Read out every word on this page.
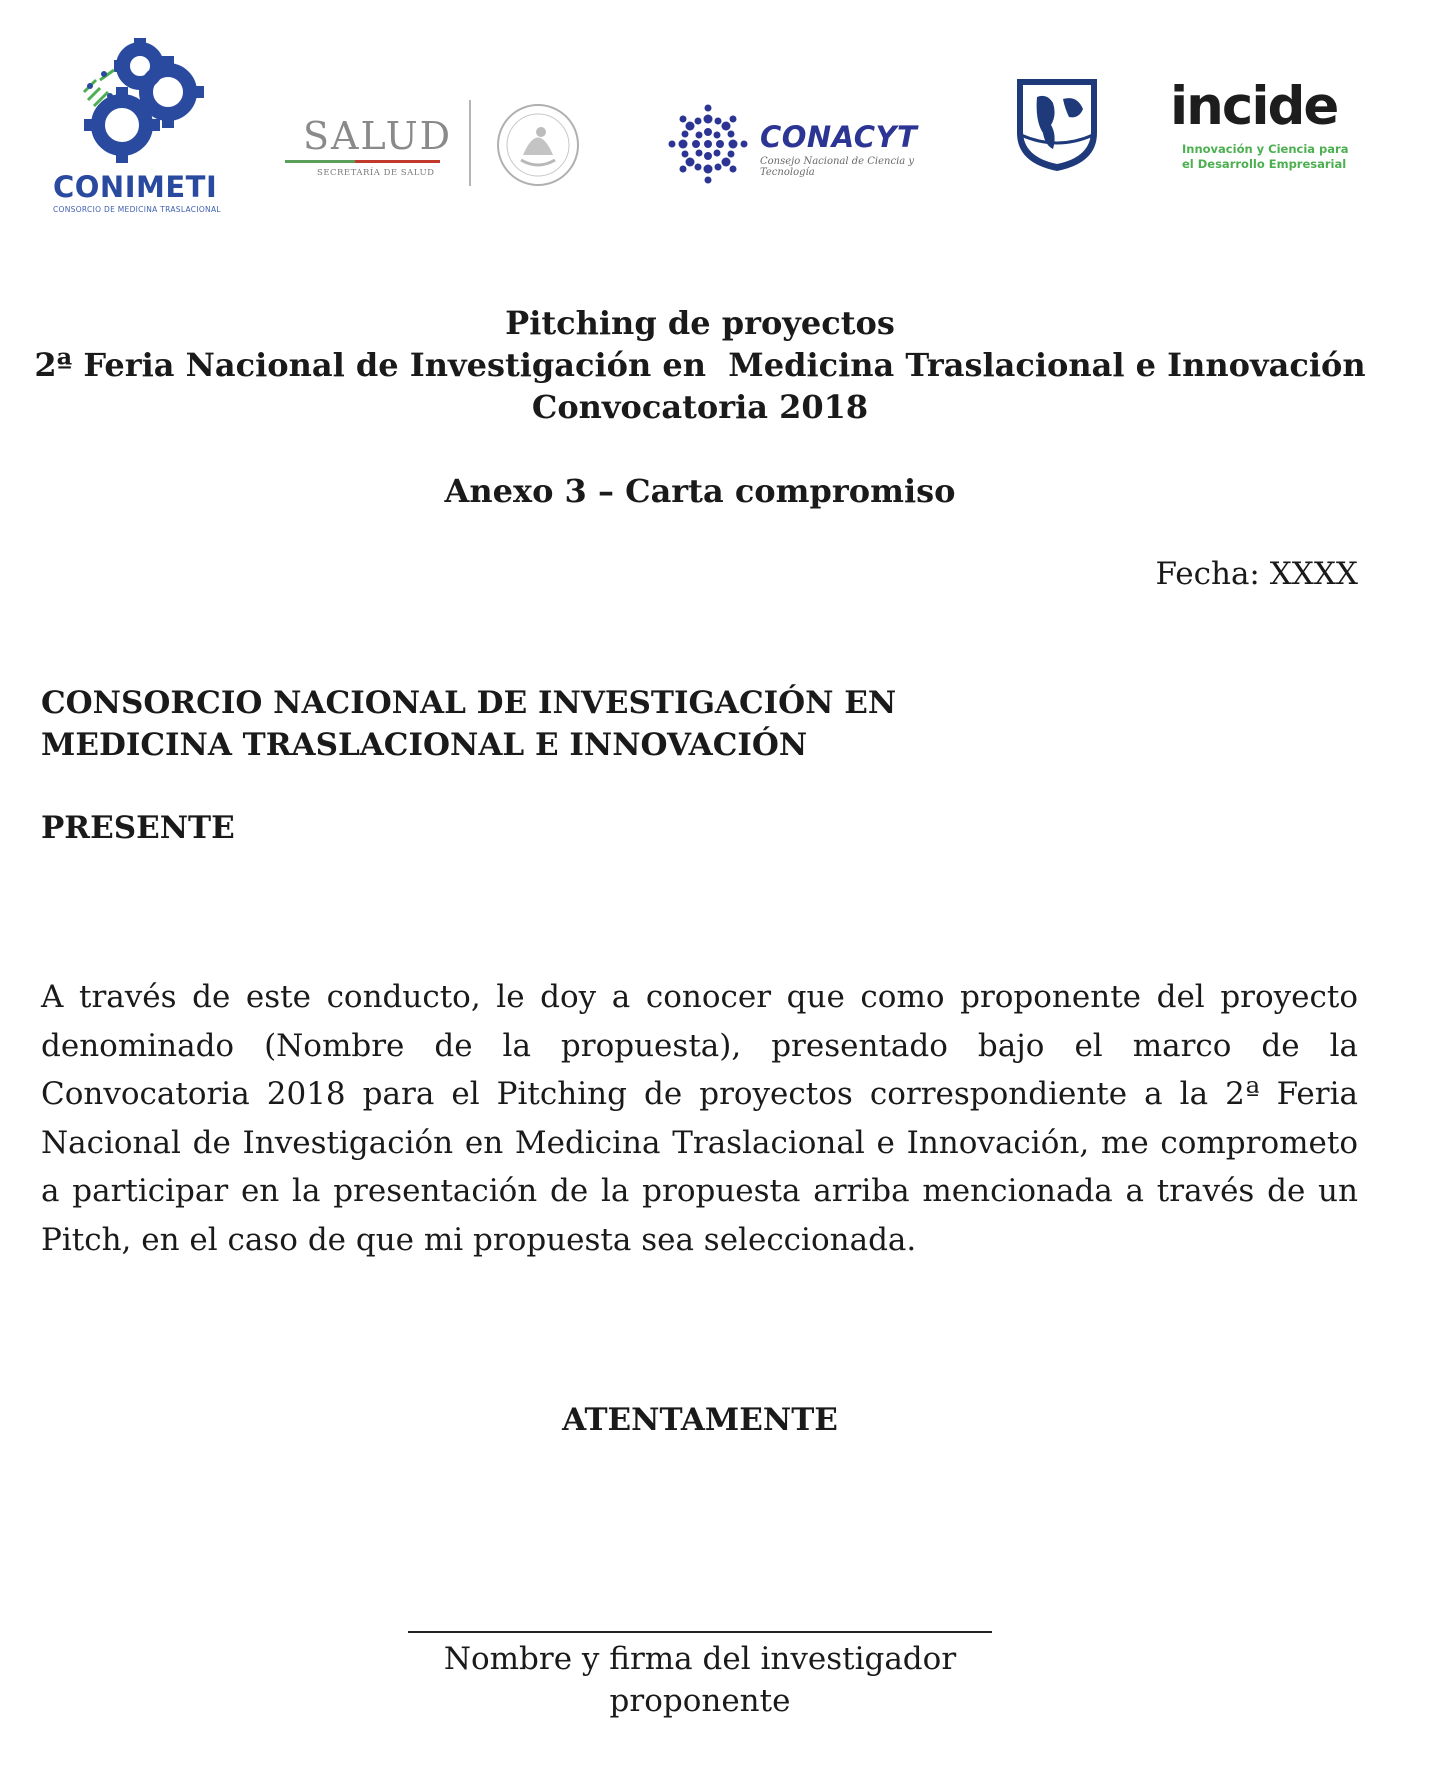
CONIMETI
CONSORCIO DE MEDICINA TRASLACIONAL
SALUD
SECRETARÍA DE SALUD
CONACYT
Consejo Nacional de Ciencia y Tecnología
incide
Innovación y Ciencia para
el Desarrollo Empresarial
Pitching de proyectos
2ª Feria Nacional de Investigación en  Medicina Traslacional e Innovación
Convocatoria 2018
Anexo 3 – Carta compromiso
Fecha: XXXX
CONSORCIO NACIONAL DE INVESTIGACIÓN EN
MEDICINA TRASLACIONAL E INNOVACIÓN
PRESENTE
A través de este conducto, le doy a conocer que como proponente del proyecto denominado (Nombre de la propuesta), presentado bajo el marco de la Convocatoria 2018 para el Pitching de proyectos correspondiente a la 2ª Feria Nacional de Investigación en Medicina Traslacional e Innovación, me comprometo a participar en la presentación de la propuesta arriba mencionada a través de un Pitch, en el caso de que mi propuesta sea seleccionada.
ATENTAMENTE
Nombre y firma del investigador
proponente
